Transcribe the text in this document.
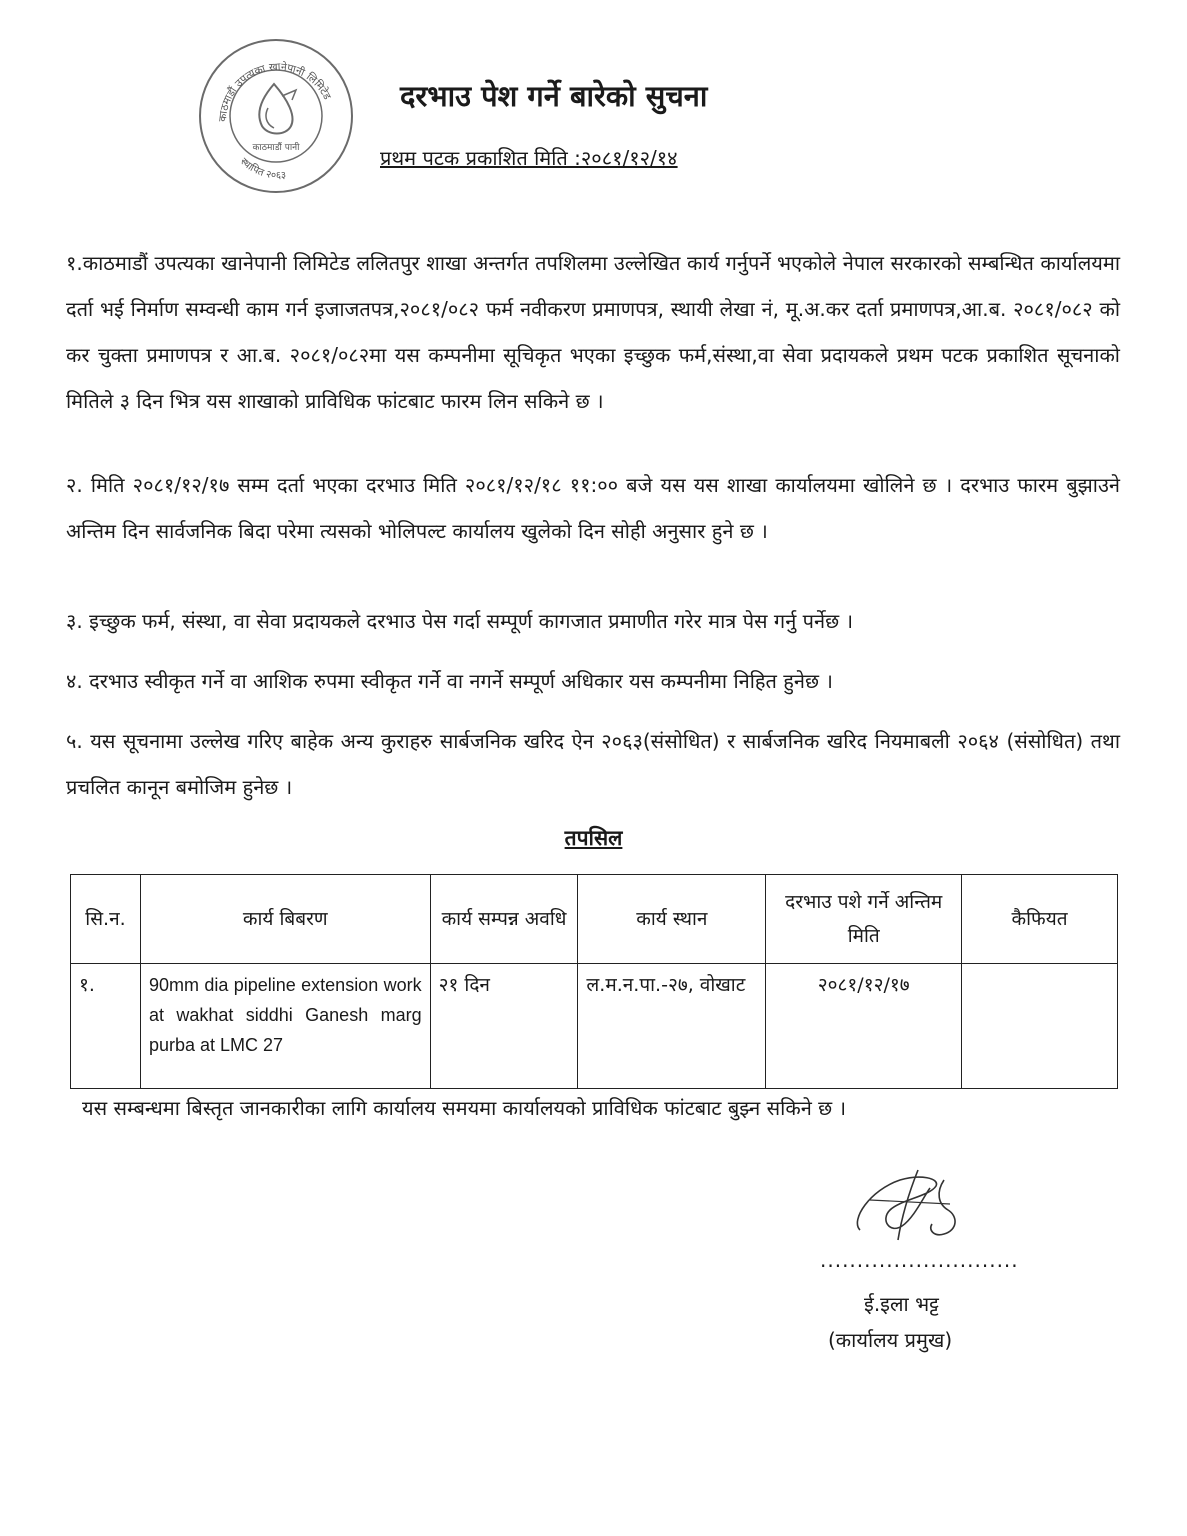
काठमाडौं उपत्यका खानेपानी लिमिटेड
स्थापित २०६३
काठमाडौं पानी
दरभाउ पेश गर्ने बारेको सुचना
प्रथम पटक प्रकाशित मिति :२०८१/१२/१४

१.काठमाडौं उपत्यका खानेपानी लिमिटेड ललितपुर शाखा अन्तर्गत तपशिलमा उल्लेखित कार्य गर्नुपर्ने भएकोले नेपाल सरकारको सम्बन्धित कार्यालयमा दर्ता भई निर्माण सम्वन्धी काम गर्न इजाजतपत्र,२०८१/०८२ फर्म नवीकरण प्रमाणपत्र, स्थायी लेखा नं, मू.अ.कर दर्ता प्रमाणपत्र,आ.ब. २०८१/०८२ को कर चुक्ता प्रमाणपत्र र आ.ब. २०८१/०८२मा यस कम्पनीमा सूचिकृत भएका इच्छुक फर्म,संस्था,वा सेवा प्रदायकले प्रथम पटक प्रकाशित सूचनाको मितिले ३ दिन भित्र यस शाखाको प्राविधिक फांटबाट फारम लिन सकिने छ ।

२. मिति २०८१/१२/१७ सम्म दर्ता भएका दरभाउ मिति २०८१/१२/१८ ११:०० बजे यस यस शाखा कार्यालयमा खोलिने छ । दरभाउ फारम बुझाउने अन्तिम दिन सार्वजनिक बिदा परेमा त्यसको भोलिपल्ट कार्यालय खुलेको दिन सोही अनुसार हुने छ ।

३. इच्छुक फर्म, संस्था, वा सेवा प्रदायकले दरभाउ पेस गर्दा सम्पूर्ण कागजात प्रमाणीत गरेर मात्र पेस गर्नु पर्नेछ ।

४. दरभाउ स्वीकृत गर्ने वा आशिक रुपमा स्वीकृत गर्ने वा नगर्ने सम्पूर्ण अधिकार यस कम्पनीमा निहित हुनेछ ।

५. यस सूचनामा उल्लेख गरिए बाहेक अन्य कुराहरु सार्बजनिक खरिद ऐन २०६३(संसोधित) र सार्बजनिक खरिद नियमाबली २०६४ (संसोधित) तथा प्रचलित कानून बमोजिम हुनेछ ।

तपसिल
सि.न.	कार्य बिबरण	कार्य सम्पन्न अवधि	कार्य स्थान	दरभाउ पशे गर्ने अन्तिम मिति	कैफियत
१.	90mm dia pipeline extension work at wakhat siddhi Ganesh marg purba at LMC 27	२१ दिन	ल.म.न.पा.-२७, वोखाट	२०८१/१२/१७	
यस सम्बन्धमा बिस्तृत जानकारीका लागि कार्यालय समयमा कार्यालयको प्राविधिक फांटबाट बुझ्न सकिने छ ।
...........................
ई.इला भट्ट
(कार्यालय प्रमुख)
